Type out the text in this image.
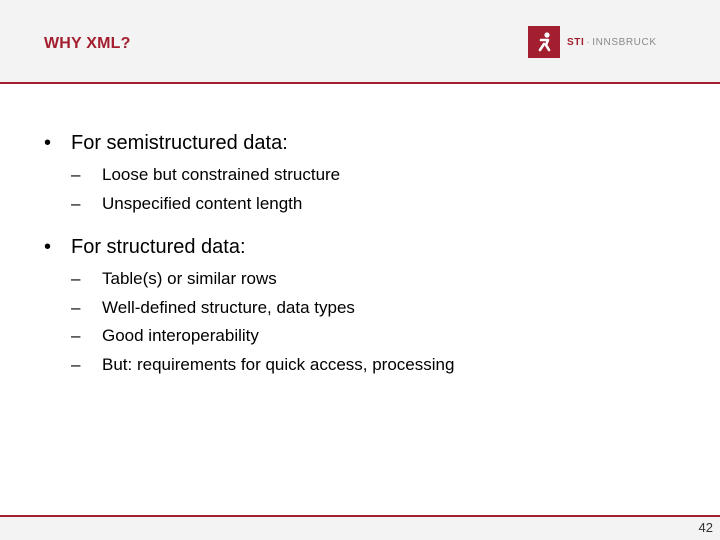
WHY XML?	STI · INNSBRUCK
• For semistructured data:
–	Loose but constrained structure
–	Unspecified content length
• For structured data:
–	Table(s) or similar rows
–	Well-defined structure, data types
–	Good interoperability
–	But: requirements for quick access, processing
42
